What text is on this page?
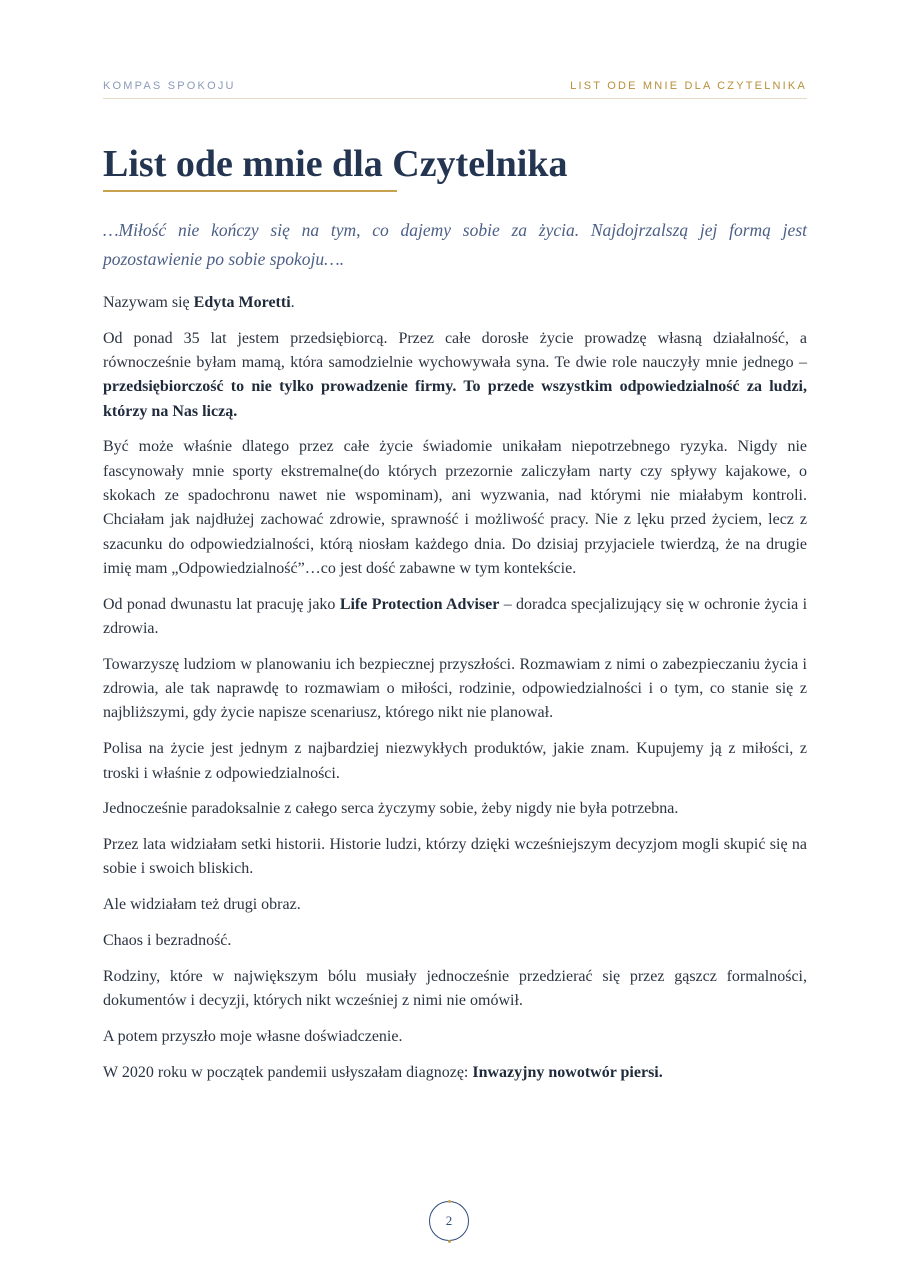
KOMPAS SPOKOJU	LIST ODE MNIE DLA CZYTELNIKA
List ode mnie dla Czytelnika

…Miłość nie kończy się na tym, co dajemy sobie za życia. Najdojrzalszą jej formą jest pozostawienie po sobie spokoju….

Nazywam się Edyta Moretti.

Od ponad 35 lat jestem przedsiębiorcą. Przez całe dorosłe życie prowadzę własną działalność, a równocześnie byłam mamą, która samodzielnie wychowywała syna. Te dwie role nauczyły mnie jednego – przedsiębiorczość to nie tylko prowadzenie firmy. To przede wszystkim odpowiedzialność za ludzi, którzy na Nas liczą.

Być może właśnie dlatego przez całe życie świadomie unikałam niepotrzebnego ryzyka. Nigdy nie fascynowały mnie sporty ekstremalne(do których przezornie zaliczyłam narty czy spływy kajakowe, o skokach ze spadochronu nawet nie wspominam), ani wyzwania, nad którymi nie miałabym kontroli. Chciałam jak najdłużej zachować zdrowie, sprawność i możliwość pracy. Nie z lęku przed życiem, lecz z szacunku do odpowiedzialności, którą niosłam każdego dnia. Do dzisiaj przyjaciele twierdzą, że na drugie imię mam „Odpowiedzialność”…co jest dość zabawne w tym kontekście.

Od ponad dwunastu lat pracuję jako Life Protection Adviser – doradca specjalizujący się w ochronie życia i zdrowia.

Towarzyszę ludziom w planowaniu ich bezpiecznej przyszłości. Rozmawiam z nimi o zabezpieczaniu życia i zdrowia, ale tak naprawdę to rozmawiam o miłości, rodzinie, odpowiedzialności i o tym, co stanie się z najbliższymi, gdy życie napisze scenariusz, którego nikt nie planował.

Polisa na życie jest jednym z najbardziej niezwykłych produktów, jakie znam. Kupujemy ją z miłości, z troski i właśnie z odpowiedzialności.

Jednocześnie paradoksalnie z całego serca życzymy sobie, żeby nigdy nie była potrzebna.

Przez lata widziałam setki historii. Historie ludzi, którzy dzięki wcześniejszym decyzjom mogli skupić się na sobie i swoich bliskich.

Ale widziałam też drugi obraz.

Chaos i bezradność.

Rodziny, które w największym bólu musiały jednocześnie przedzierać się przez gąszcz formalności, dokumentów i decyzji, których nikt wcześniej z nimi nie omówił.

A potem przyszło moje własne doświadczenie.

W 2020 roku w początek pandemii usłyszałam diagnozę: Inwazyjny nowotwór piersi.

2
